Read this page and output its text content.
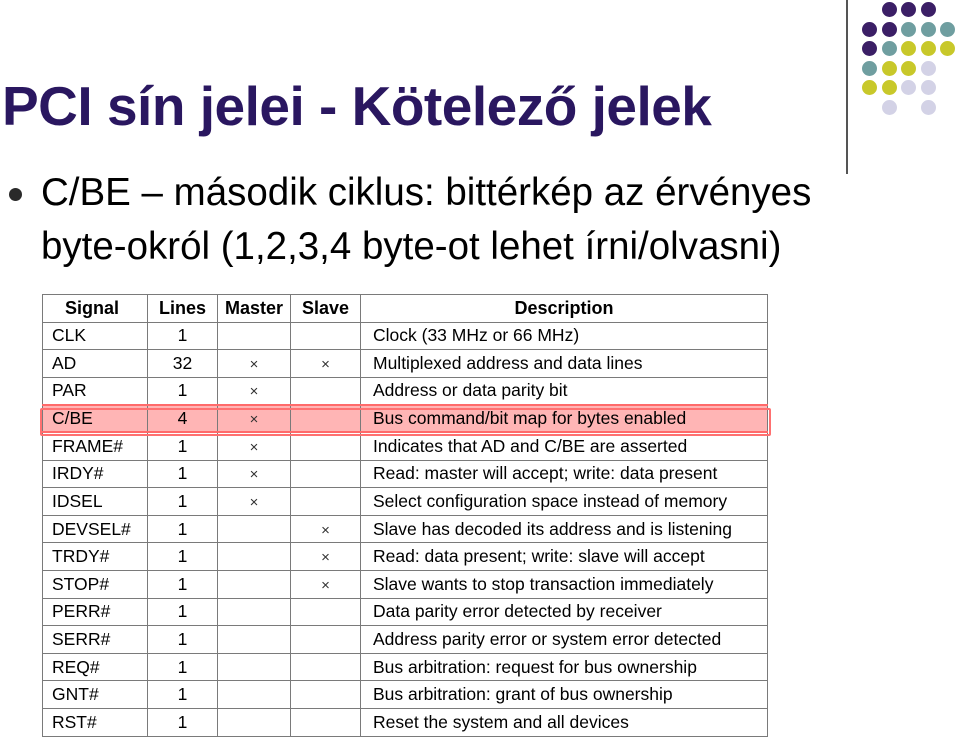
PCI sín jelei - Kötelező jelek

C/BE – második ciklus: bittérkép az érvényes
byte-okról (1,2,3,4 byte-ot lehet írni/olvasni)

Signal	Lines	Master	Slave	Description
CLK	1			Clock (33 MHz or 66 MHz)
AD	32	×	×	Multiplexed address and data lines
PAR	1	×		Address or data parity bit
C/BE	4	×		Bus command/bit map for bytes enabled
FRAME#	1	×		Indicates that AD and C/BE are asserted
IRDY#	1	×		Read: master will accept; write: data present
IDSEL	1	×		Select configuration space instead of memory
DEVSEL#	1		×	Slave has decoded its address and is listening
TRDY#	1		×	Read: data present; write: slave will accept
STOP#	1		×	Slave wants to stop transaction immediately
PERR#	1			Data parity error detected by receiver
SERR#	1			Address parity error or system error detected
REQ#	1			Bus arbitration: request for bus ownership
GNT#	1			Bus arbitration: grant of bus ownership
RST#	1			Reset the system and all devices
